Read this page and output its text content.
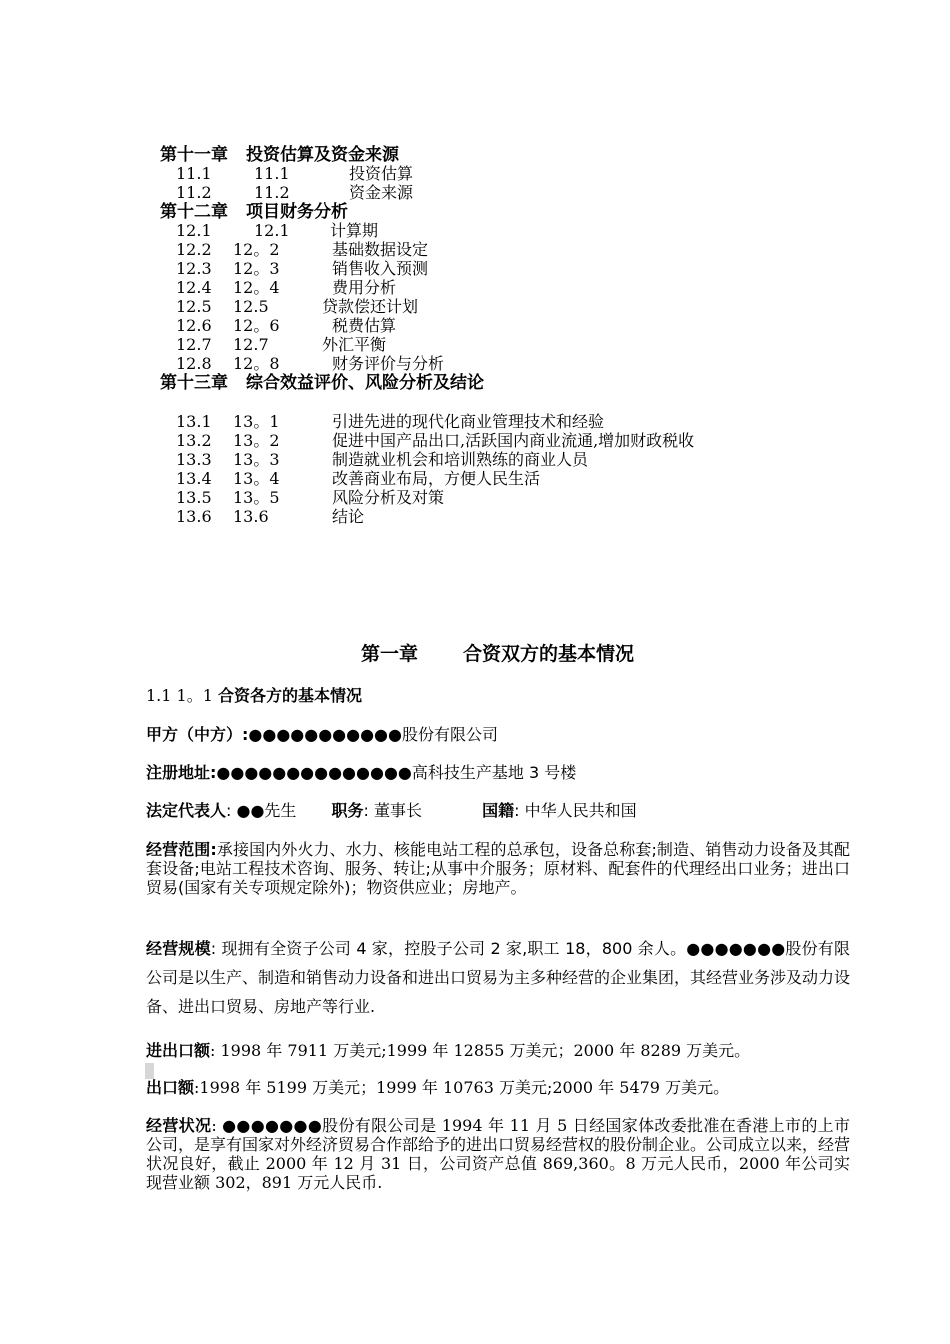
第十一章 投资估算及资金来源
11.1	11.1	投资估算
11.2	11.2	资金来源
第十二章 项目财务分析
12.1	12.1	计算期
12.2 12。2	基础数据设定
12.3 12。3	销售收入预测
12.4 12。4	费用分析
12.5 12.5	贷款偿还计划
12.6 12。6	税费估算
12.7 12.7	外汇平衡
12.8 12。8	财务评价与分析
第十三章 综合效益评价、风险分析及结论
13.1 13。1	引进先进的现代化商业管理技术和经验
13.2 13。2	促进中国产品出口,活跃国内商业流通,增加财政税收
13.3 13。3	制造就业机会和培训熟练的商业人员
13.4 13。4	改善商业布局，方便人民生活
13.5 13。5	风险分析及对策
13.6 13.6	结论
第一章 合资双方的基本情况
1.1 1。1 合资各方的基本情况
甲方（中方）:●●●●●●●●●●●股份有限公司
注册地址:●●●●●●●●●●●●●●高科技生产基地 3 号楼
法定代表人: ●●先生 职务: 董事长	国籍: 中华人民共和国
经营范围:承接国内外火力、水力、核能电站工程的总承包，设备总称套;制造、销售动力设备及其配套设备;电站工程技术咨询、服务、转让;从事中介服务；原材料、配套件的代理经出口业务；进出口贸易(国家有关专项规定除外)；物资供应业；房地产。
经营规模: 现拥有全资子公司 4 家，控股子公司 2 家,职工 18，800 余人。●●●●●●●股份有限公司是以生产、制造和销售动力设备和进出口贸易为主多种经营的企业集团，其经营业务涉及动力设备、进出口贸易、房地产等行业.
进出口额: 1998 年 7911 万美元;1999 年 12855 万美元；2000 年 8289 万美元。
出口额:1998 年 5199 万美元；1999 年 10763 万美元;2000 年 5479 万美元。
经营状况: ●●●●●●●股份有限公司是 1994 年 11 月 5 日经国家体改委批准在香港上市的上市公司，是享有国家对外经济贸易合作部给予的进出口贸易经营权的股份制企业。公司成立以来，经营状况良好，截止 2000 年 12 月 31 日，公司资产总值 869,360。8 万元人民币，2000 年公司实现营业额 302，891 万元人民币.
